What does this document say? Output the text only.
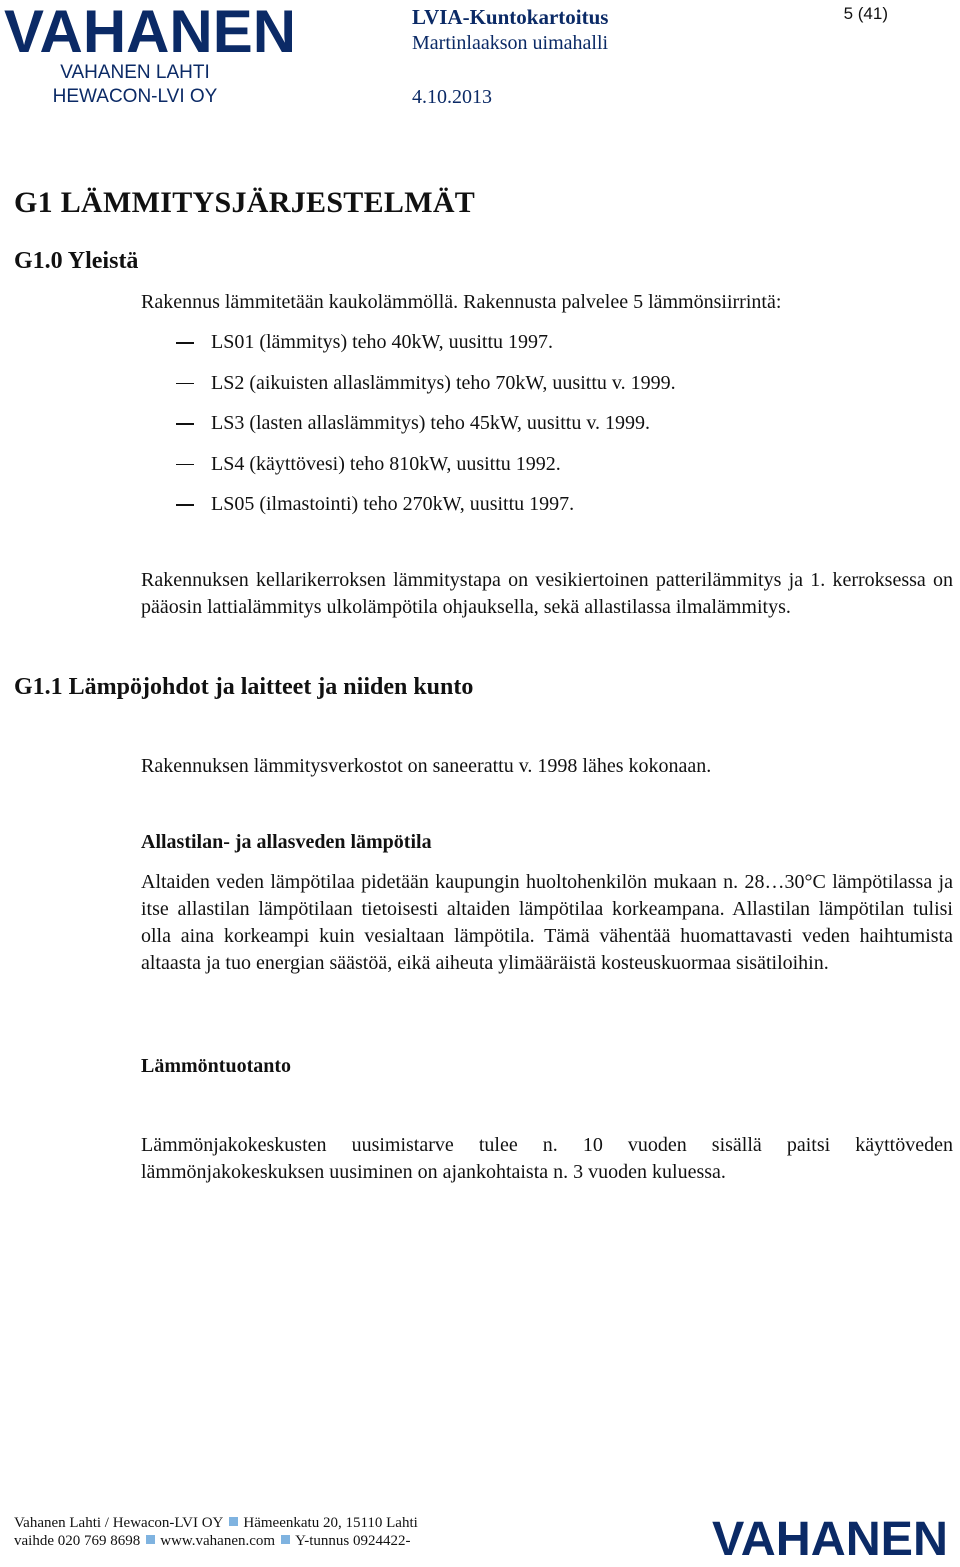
VAHANEN
VAHANEN LAHTI
HEWACON-LVI OY
LVIA-Kuntokartoitus
Martinlaakson uimahalli
4.10.2013
5 (41)
G1 LÄMMITYSJÄRJESTELMÄT
G1.0 Yleistä
Rakennus lämmitetään kaukolämmöllä. Rakennusta palvelee 5 lämmönsiirrintä:
LS01 (lämmitys) teho 40kW, uusittu 1997.
LS2 (aikuisten allaslämmitys) teho 70kW, uusittu v. 1999.
LS3 (lasten allaslämmitys) teho 45kW, uusittu v. 1999.
LS4 (käyttövesi) teho 810kW, uusittu 1992.
LS05 (ilmastointi) teho 270kW, uusittu 1997.
Rakennuksen kellarikerroksen lämmitystapa on vesikiertoinen patterilämmitys ja 1. kerroksessa on pääosin lattialämmitys ulkolämpötila ohjauksella, sekä allastilassa ilmalämmitys.
G1.1 Lämpöjohdot ja laitteet ja niiden kunto
Rakennuksen lämmitysverkostot on saneerattu v. 1998 lähes kokonaan.
Allastilan- ja allasveden lämpötila
Altaiden veden lämpötilaa pidetään kaupungin huoltohenkilön mukaan n. 28…30°C lämpötilassa ja itse allastilan lämpötilaan tietoisesti altaiden lämpötilaa korkeampana. Allastilan lämpötilan tulisi olla aina korkeampi kuin vesialtaan lämpötila. Tämä vähentää huomattavasti veden haihtumista altaasta ja tuo energian säästöä, eikä aiheuta ylimääräistä kosteuskuormaa sisätiloihin.
Lämmöntuotanto
Lämmönjakokeskusten uusimistarve tulee n. 10 vuoden sisällä paitsi käyttöveden lämmönjakokeskuksen uusiminen on ajankohtaista n. 3 vuoden kuluessa.
Vahanen Lahti / Hewacon-LVI OY Hämeenkatu 20, 15110 Lahti
vaihde 020 769 8698 www.vahanen.com Y-tunnus 0924422-	VAHANEN
